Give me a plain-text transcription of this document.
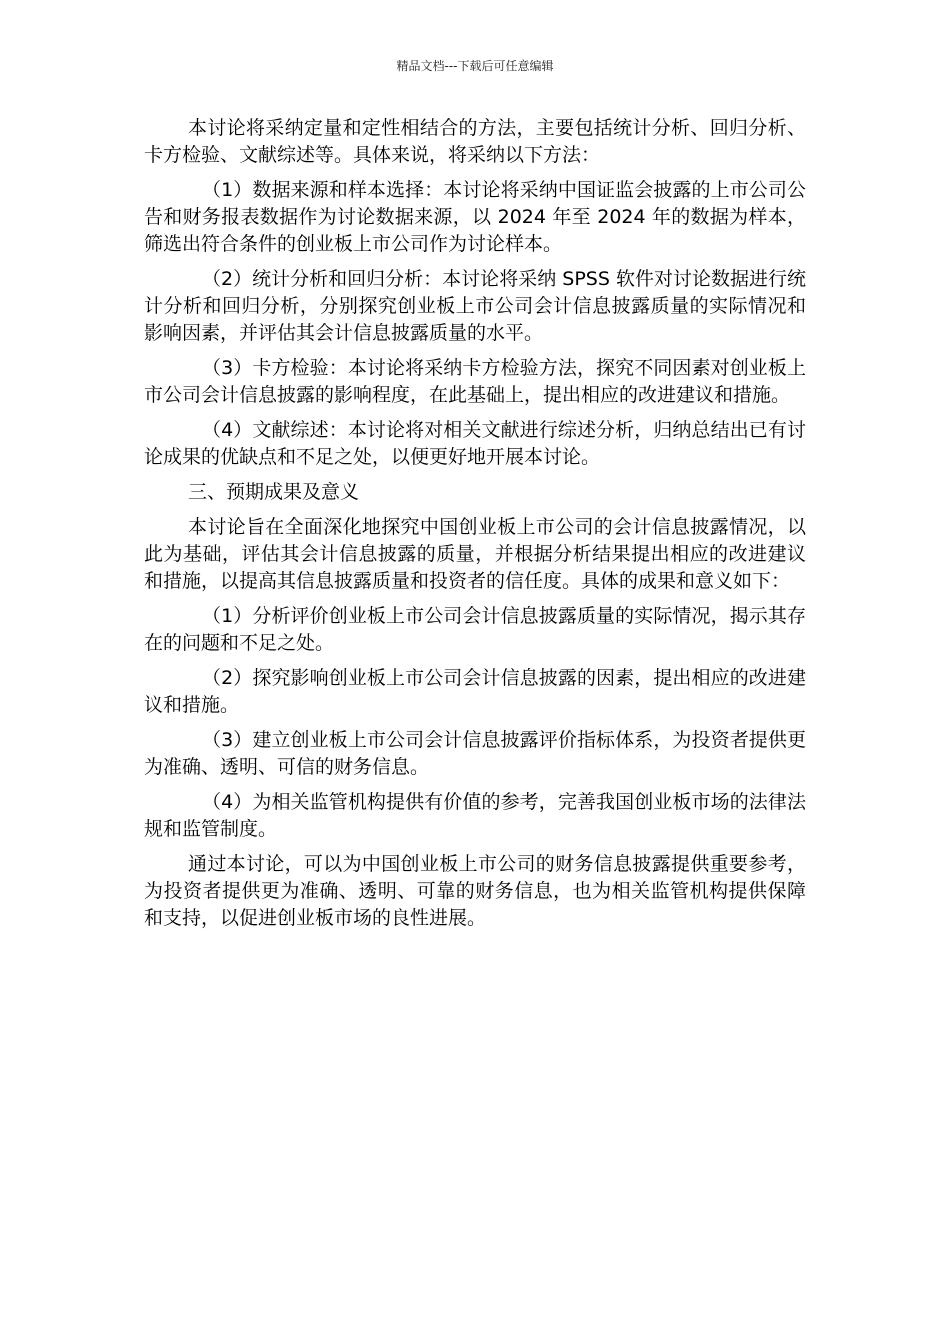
精品文档---下载后可任意编辑

本讨论将采纳定量和定性相结合的方法，主要包括统计分析、回归分析、卡方检验、文献综述等。具体来说，将采纳以下方法：

（1）数据来源和样本选择：本讨论将采纳中国证监会披露的上市公司公告和财务报表数据作为讨论数据来源，以 2024 年至 2024 年的数据为样本，筛选出符合条件的创业板上市公司作为讨论样本。

（2）统计分析和回归分析：本讨论将采纳 SPSS 软件对讨论数据进行统计分析和回归分析，分别探究创业板上市公司会计信息披露质量的实际情况和影响因素，并评估其会计信息披露质量的水平。

（3）卡方检验：本讨论将采纳卡方检验方法，探究不同因素对创业板上市公司会计信息披露的影响程度，在此基础上，提出相应的改进建议和措施。

（4）文献综述：本讨论将对相关文献进行综述分析，归纳总结出已有讨论成果的优缺点和不足之处，以便更好地开展本讨论。

三、预期成果及意义

本讨论旨在全面深化地探究中国创业板上市公司的会计信息披露情况，以此为基础，评估其会计信息披露的质量，并根据分析结果提出相应的改进建议和措施，以提高其信息披露质量和投资者的信任度。具体的成果和意义如下：

（1）分析评价创业板上市公司会计信息披露质量的实际情况，揭示其存在的问题和不足之处。

（2）探究影响创业板上市公司会计信息披露的因素，提出相应的改进建议和措施。

（3）建立创业板上市公司会计信息披露评价指标体系，为投资者提供更为准确、透明、可信的财务信息。

（4）为相关监管机构提供有价值的参考，完善我国创业板市场的法律法规和监管制度。

通过本讨论，可以为中国创业板上市公司的财务信息披露提供重要参考，为投资者提供更为准确、透明、可靠的财务信息，也为相关监管机构提供保障和支持，以促进创业板市场的良性进展。
